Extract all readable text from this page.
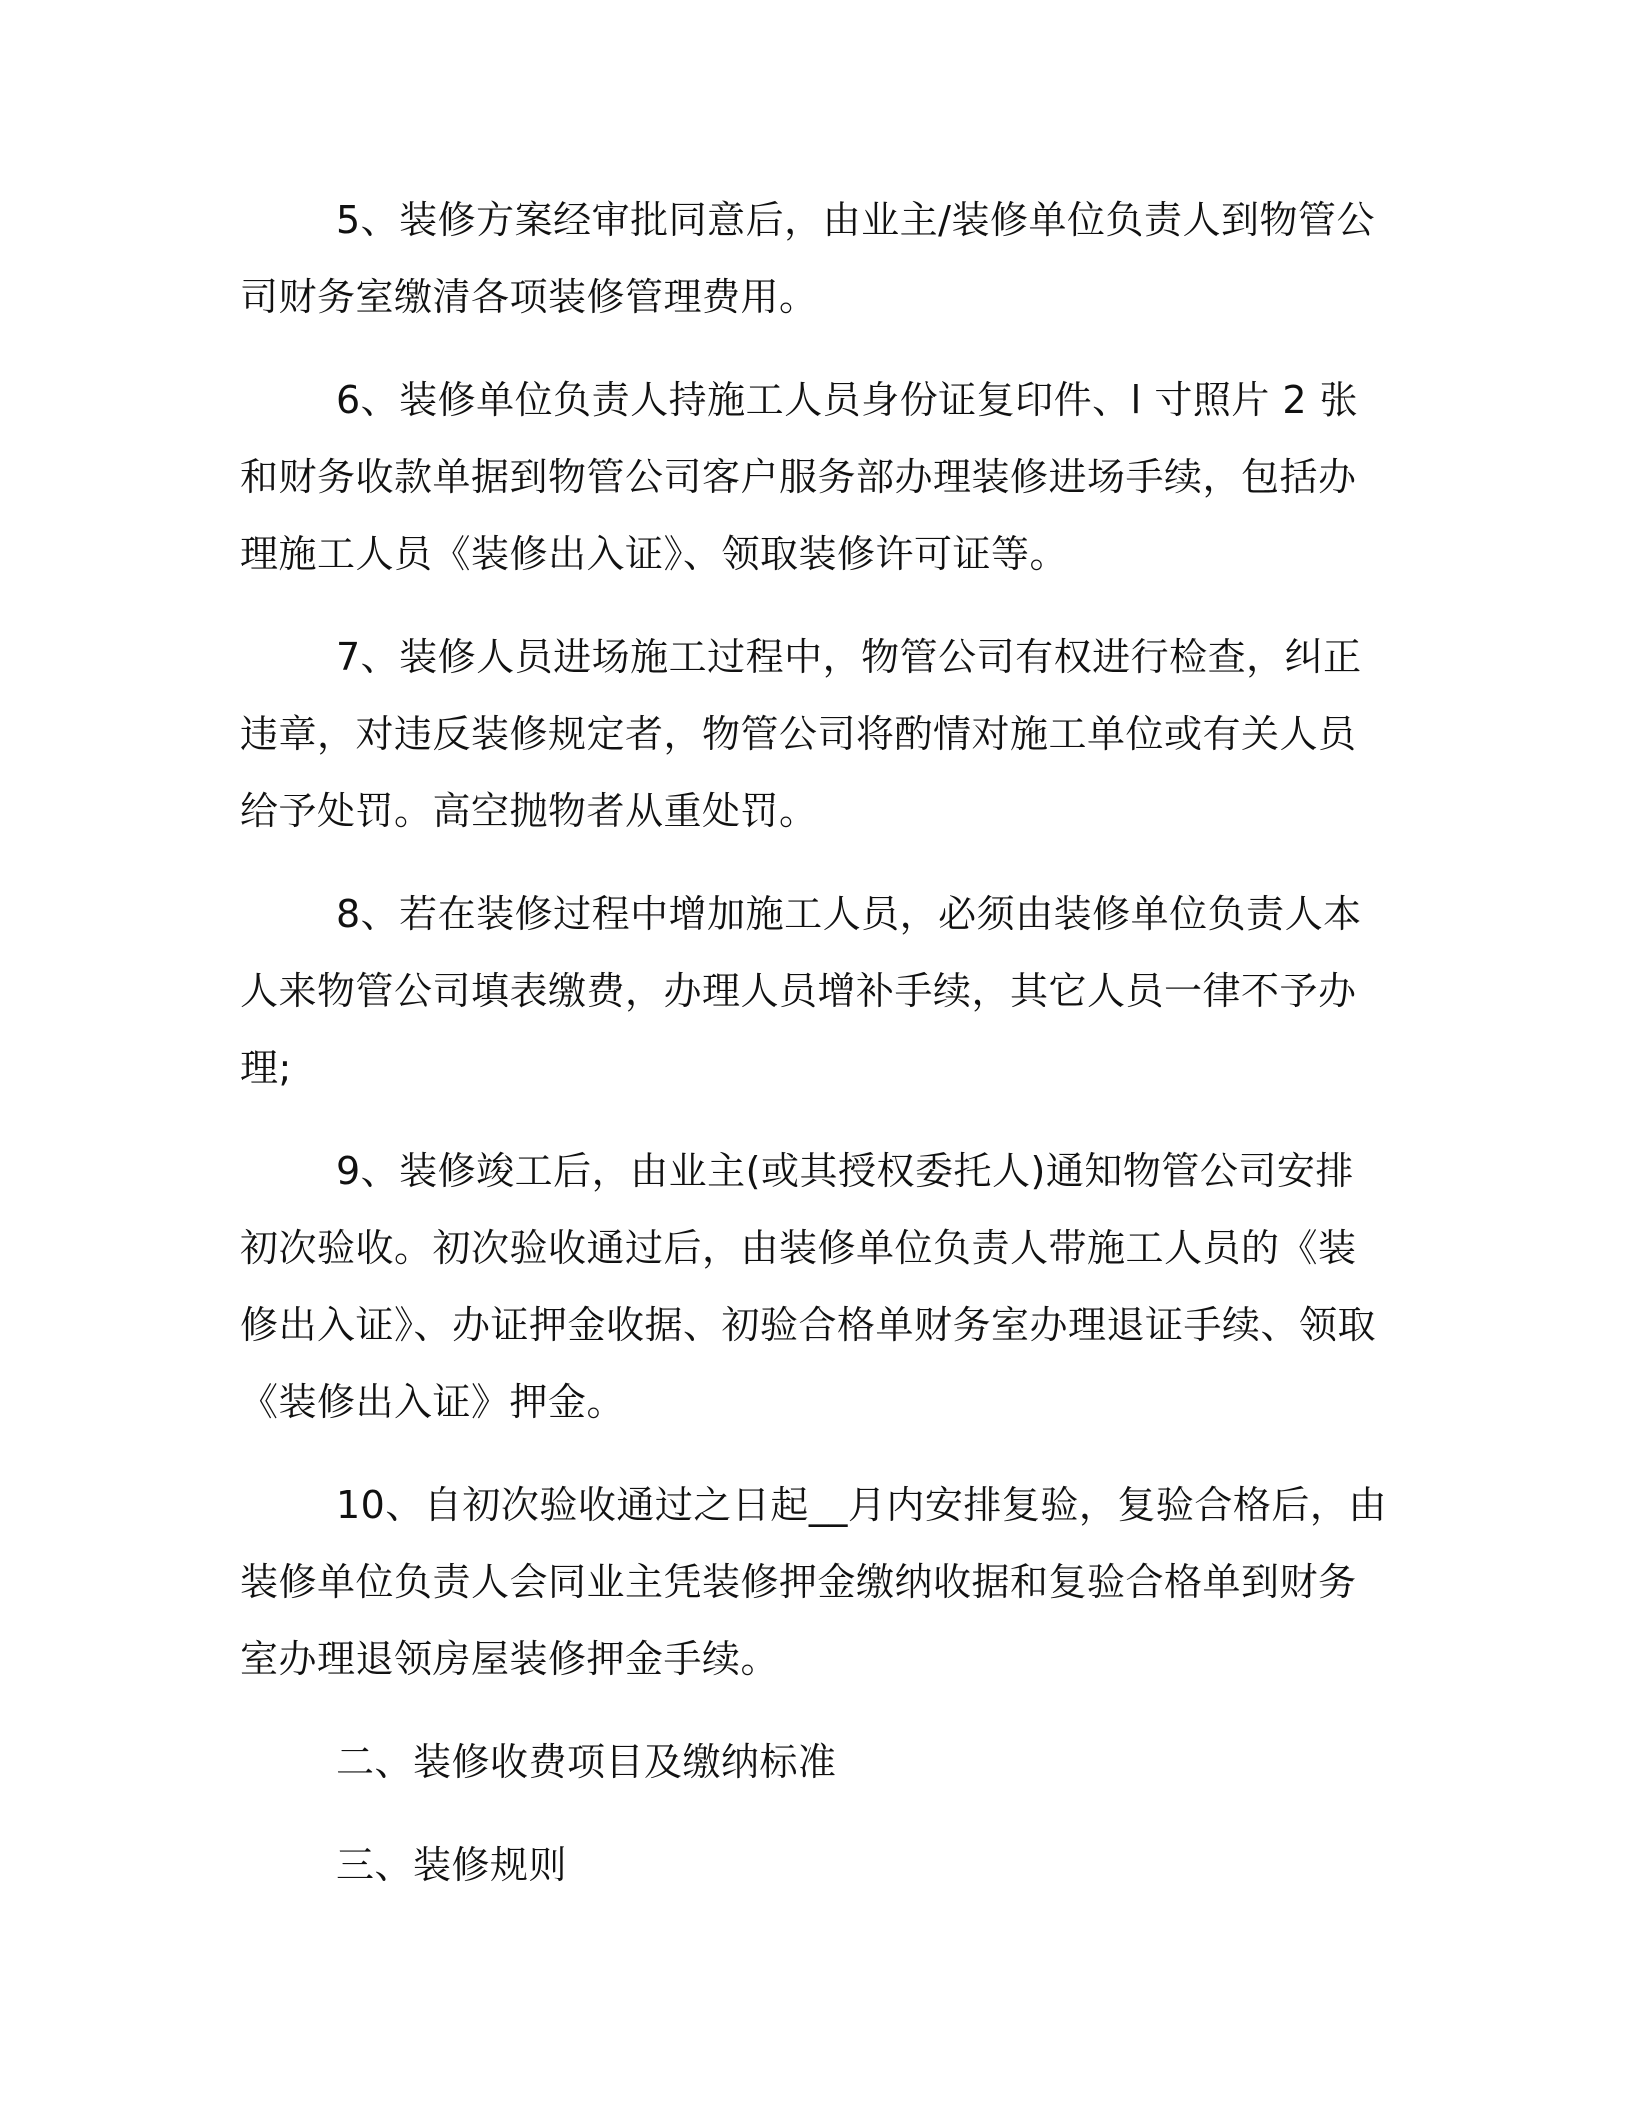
5、装修方案经审批同意后，由业主/装修单位负责人到物管公司财务室缴清各项装修管理费用。

6、装修单位负责人持施工人员身份证复印件、l 寸照片 2 张和财务收款单据到物管公司客户服务部办理装修进场手续，包括办理施工人员《装修出入证》、领取装修许可证等。

7、装修人员进场施工过程中，物管公司有权进行检查，纠正违章，对违反装修规定者，物管公司将酌情对施工单位或有关人员给予处罚。高空抛物者从重处罚。

8、若在装修过程中增加施工人员，必须由装修单位负责人本人来物管公司填表缴费，办理人员增补手续，其它人员一律不予办理;

9、装修竣工后，由业主(或其授权委托人)通知物管公司安排初次验收。初次验收通过后，由装修单位负责人带施工人员的《装修出入证》、办证押金收据、初验合格单财务室办理退证手续、领取《装修出入证》押金。

10、自初次验收通过之日起__月内安排复验，复验合格后，由装修单位负责人会同业主凭装修押金缴纳收据和复验合格单到财务室办理退领房屋装修押金手续。

二、装修收费项目及缴纳标准

三、装修规则
